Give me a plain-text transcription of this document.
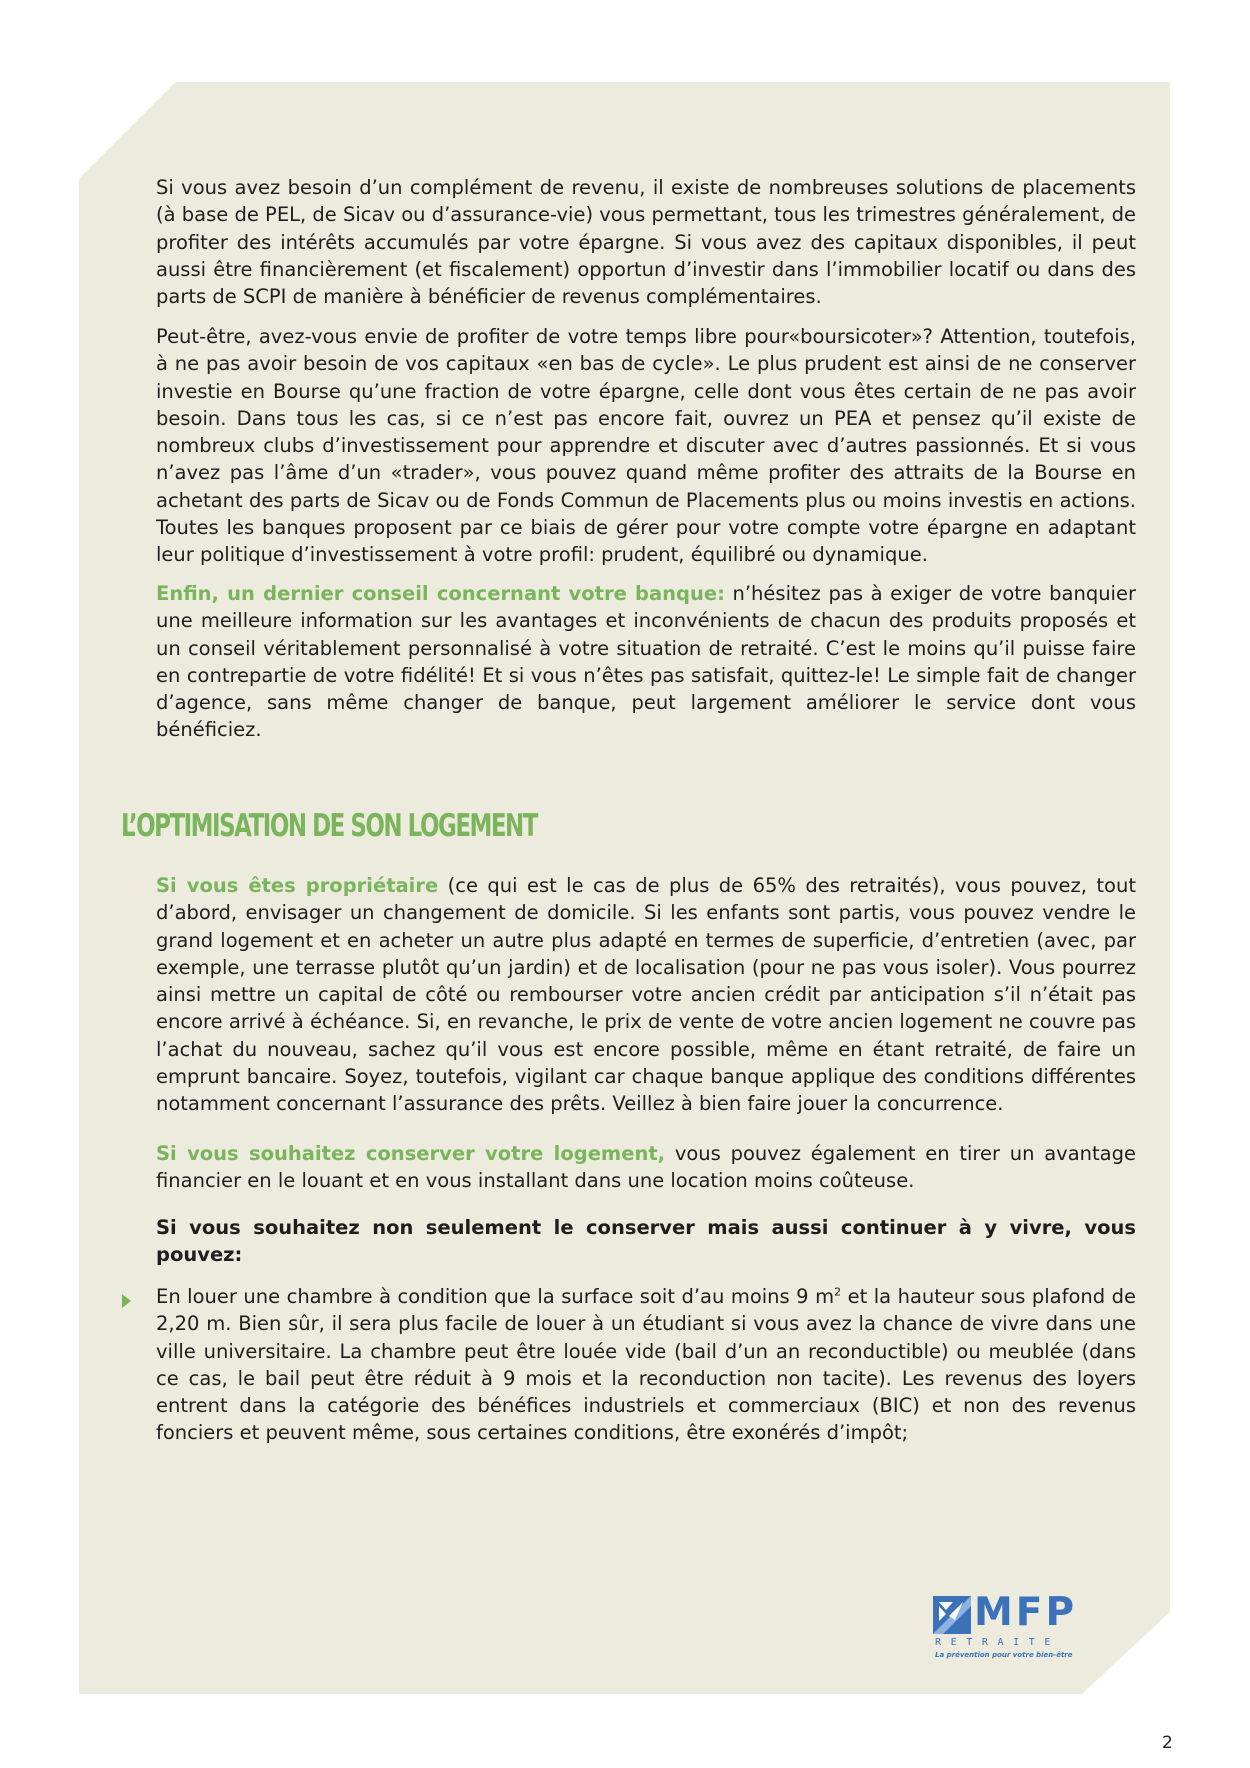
Si vous avez besoin d’un complément de revenu, il existe de nombreuses solutions de placements (à base de PEL, de Sicav ou d’assurance-vie) vous permettant, tous les trimestres généralement, de profiter des intérêts accumulés par votre épargne. Si vous avez des capitaux disponibles, il peut aussi être financièrement (et fiscalement) opportun d’investir dans l’immobilier locatif ou dans des parts de SCPI de manière à bénéficier de revenus complémentaires.

Peut-être, avez-vous envie de profiter de votre temps libre pour«boursicoter»? Attention, toutefois, à ne pas avoir besoin de vos capitaux «en bas de cycle». Le plus prudent est ainsi de ne conserver investie en Bourse qu’une fraction de votre épargne, celle dont vous êtes certain de ne pas avoir besoin. Dans tous les cas, si ce n’est pas encore fait, ouvrez un PEA et pensez qu’il existe de nombreux clubs d’investissement pour apprendre et discuter avec d’autres passionnés. Et si vous n’avez pas l’âme d’un «trader», vous pouvez quand même profiter des attraits de la Bourse en achetant des parts de Sicav ou de Fonds Commun de Placements plus ou moins investis en actions. Toutes les banques proposent par ce biais de gérer pour votre compte votre épargne en adaptant leur politique d’investissement à votre profil: prudent, équilibré ou dynamique.

Enfin, un dernier conseil concernant votre banque: n’hésitez pas à exiger de votre banquier une meilleure information sur les avantages et inconvénients de chacun des produits proposés et un conseil véritablement personnalisé à votre situation de retraité. C’est le moins qu’il puisse faire en contrepartie de votre fidélité! Et si vous n’êtes pas satisfait, quittez-le! Le simple fait de changer d’agence, sans même changer de banque, peut largement améliorer le service dont vous bénéficiez.

L’OPTIMISATION DE SON LOGEMENT

Si vous êtes propriétaire (ce qui est le cas de plus de 65% des retraités), vous pouvez, tout d’abord, envisager un changement de domicile. Si les enfants sont partis, vous pouvez vendre le grand logement et en acheter un autre plus adapté en termes de superficie, d’entretien (avec, par exemple, une terrasse plutôt qu’un jardin) et de localisation (pour ne pas vous isoler). Vous pourrez ainsi mettre un capital de côté ou rembourser votre ancien crédit par anticipation s’il n’était pas encore arrivé à échéance. Si, en revanche, le prix de vente de votre ancien logement ne couvre pas l’achat du nouveau, sachez qu’il vous est encore possible, même en étant retraité, de faire un emprunt bancaire. Soyez, toutefois, vigilant car chaque banque applique des conditions différentes notamment concernant l’assurance des prêts. Veillez à bien faire jouer la concurrence.

Si vous souhaitez conserver votre logement, vous pouvez également en tirer un avantage financier en le louant et en vous installant dans une location moins coûteuse.

Si vous souhaitez non seulement le conserver mais aussi continuer à y vivre, vous pouvez:

En louer une chambre à condition que la surface soit d’au moins 9 $m^2$ et la hauteur sous plafond de 2,20 m. Bien sûr, il sera plus facile de louer à un étudiant si vous avez la chance de vivre dans une ville universitaire. La chambre peut être louée vide (bail d’un an reconductible) ou meublée (dans ce cas, le bail peut être réduit à 9 mois et la reconduction non tacite). Les revenus des loyers entrent dans la catégorie des bénéfices industriels et commerciaux (BIC) et non des revenus fonciers et peuvent même, sous certaines conditions, être exonérés d’impôt;

MFP
RETRAITE
La prévention pour votre bien-être
2
